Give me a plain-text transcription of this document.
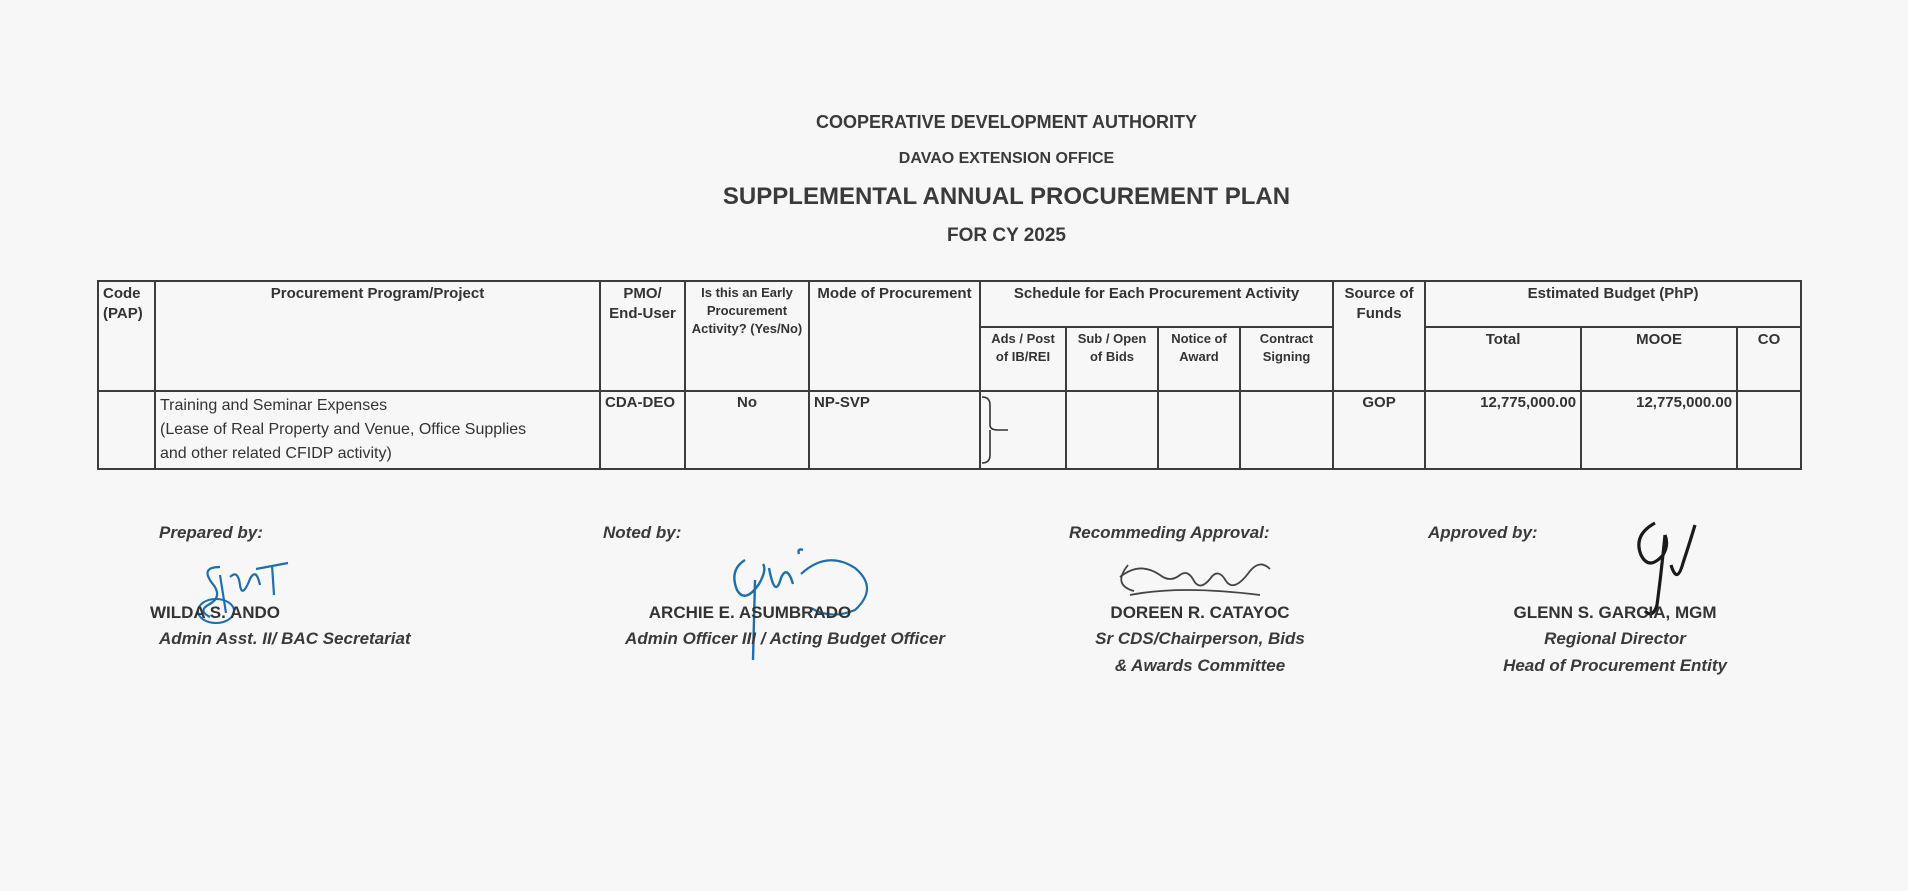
COOPERATIVE DEVELOPMENT AUTHORITY
DAVAO EXTENSION OFFICE
SUPPLEMENTAL ANNUAL PROCUREMENT PLAN
FOR CY 2025
Code (PAP)	Procurement Program/Project	PMO/ End-User	Is this an Early Procurement Activity? (Yes/No)	Mode of Procurement	Schedule for Each Procurement Activity				Source of Funds	Estimated Budget (PhP)		
					Ads / Post of IB/REI	Sub / Open of Bids	Notice of Award	Contract Signing		Total	MOOE	CO

	Training and Seminar Expenses
(Lease of Real Property and Venue, Office Supplies
and other related CFIDP activity)	CDA-DEO	No	NP-SVP					GOP	12,775,000.00	12,775,000.00	
Prepared by:
WILDA S. ANDO
Admin Asst. II/ BAC Secretariat
Noted by:
ARCHIE E. ASUMBRADO
Admin Officer III / Acting Budget Officer
Recommeding Approval:
DOREEN R. CATAYOC
Sr CDS/Chairperson, Bids
& Awards Committee
Approved by:
GLENN S. GARCIA, MGM
Regional Director
Head of Procurement Entity
